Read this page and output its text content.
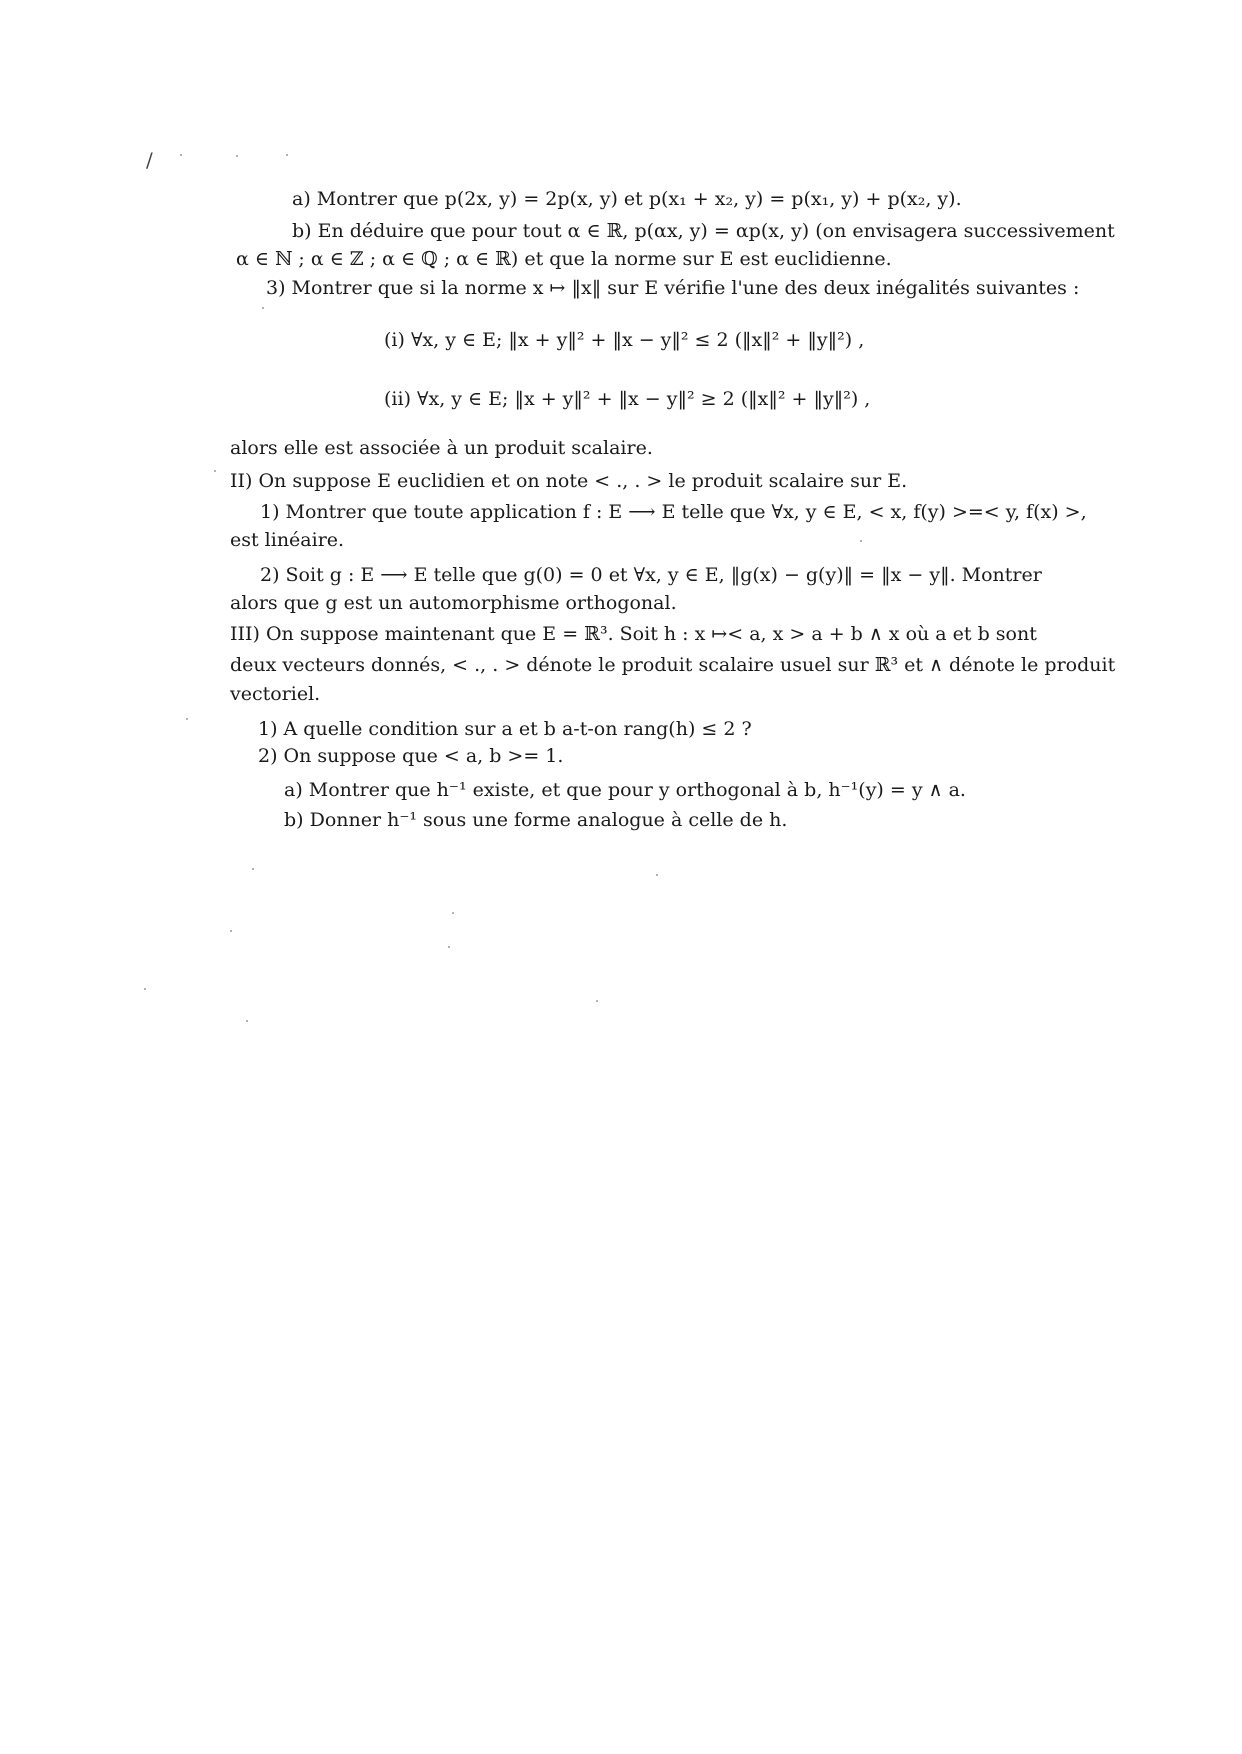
/
a) Montrer que p(2x, y) = 2p(x, y) et p(x₁ + x₂, y) = p(x₁, y) + p(x₂, y).
b) En déduire que pour tout α ∈ ℝ, p(αx, y) = αp(x, y) (on envisagera successivement
α ∈ ℕ ; α ∈ ℤ ; α ∈ ℚ ; α ∈ ℝ) et que la norme sur E est euclidienne.
3) Montrer que si la norme x ↦ ‖x‖ sur E vérifie l'une des deux inégalités suivantes :
(i) ∀x, y ∈ E; ‖x + y‖² + ‖x − y‖² ≤ 2 (‖x‖² + ‖y‖²) ,
(ii) ∀x, y ∈ E; ‖x + y‖² + ‖x − y‖² ≥ 2 (‖x‖² + ‖y‖²) ,
alors elle est associée à un produit scalaire.
II) On suppose E euclidien et on note < ., . > le produit scalaire sur E.
1) Montrer que toute application f : E ⟶ E telle que ∀x, y ∈ E, < x, f(y) >=< y, f(x) >,
est linéaire.
2) Soit g : E ⟶ E telle que g(0) = 0 et ∀x, y ∈ E, ‖g(x) − g(y)‖ = ‖x − y‖. Montrer
alors que g est un automorphisme orthogonal.
III) On suppose maintenant que E = ℝ³. Soit h : x ↦< a, x > a + b ∧ x où a et b sont
deux vecteurs donnés, < ., . > dénote le produit scalaire usuel sur ℝ³ et ∧ dénote le produit
vectoriel.
1) A quelle condition sur a et b a-t-on rang(h) ≤ 2 ?
2) On suppose que < a, b >= 1.
a) Montrer que h⁻¹ existe, et que pour y orthogonal à b, h⁻¹(y) = y ∧ a.
b) Donner h⁻¹ sous une forme analogue à celle de h.
